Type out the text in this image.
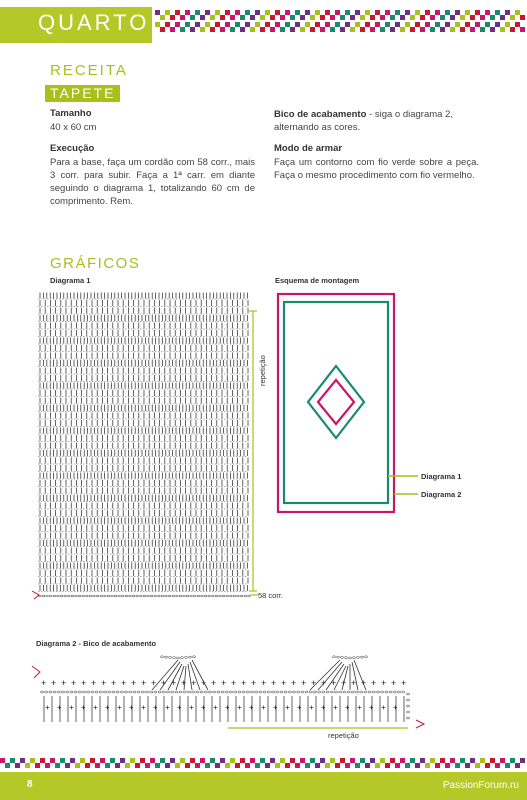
QUARTO
RECEITA
TAPETE
Tamanho
40 x 60 cm
Execução
Para a base, faça um cordão com 58 corr., mais 3 corr. para subir. Faça a 1ª carr. em diante seguindo o diagrama 1, totalizando 60 cm de comprimento. Rem.
Bico de acabamento - siga o diagrama 2, alternando as cores.
Modo de armar
Faça um contorno com fio verde sobre a peça. Faça o mesmo procedimento com fio vermelho.
GRÁFICOS
Diagrama 1	Esquema de montagem
repetição
58 corr.
Diagrama 1
Diagrama 2
Diagrama 2 - Bico de acabamento
+ + + + + + + + + + + + + + + + + + + + + + + + + + + + + + + + + + + + +
+ + + + + + + + + + + + + + + + + + + + + + + + + + + + + +
repetição
8	PassionForum.ru
